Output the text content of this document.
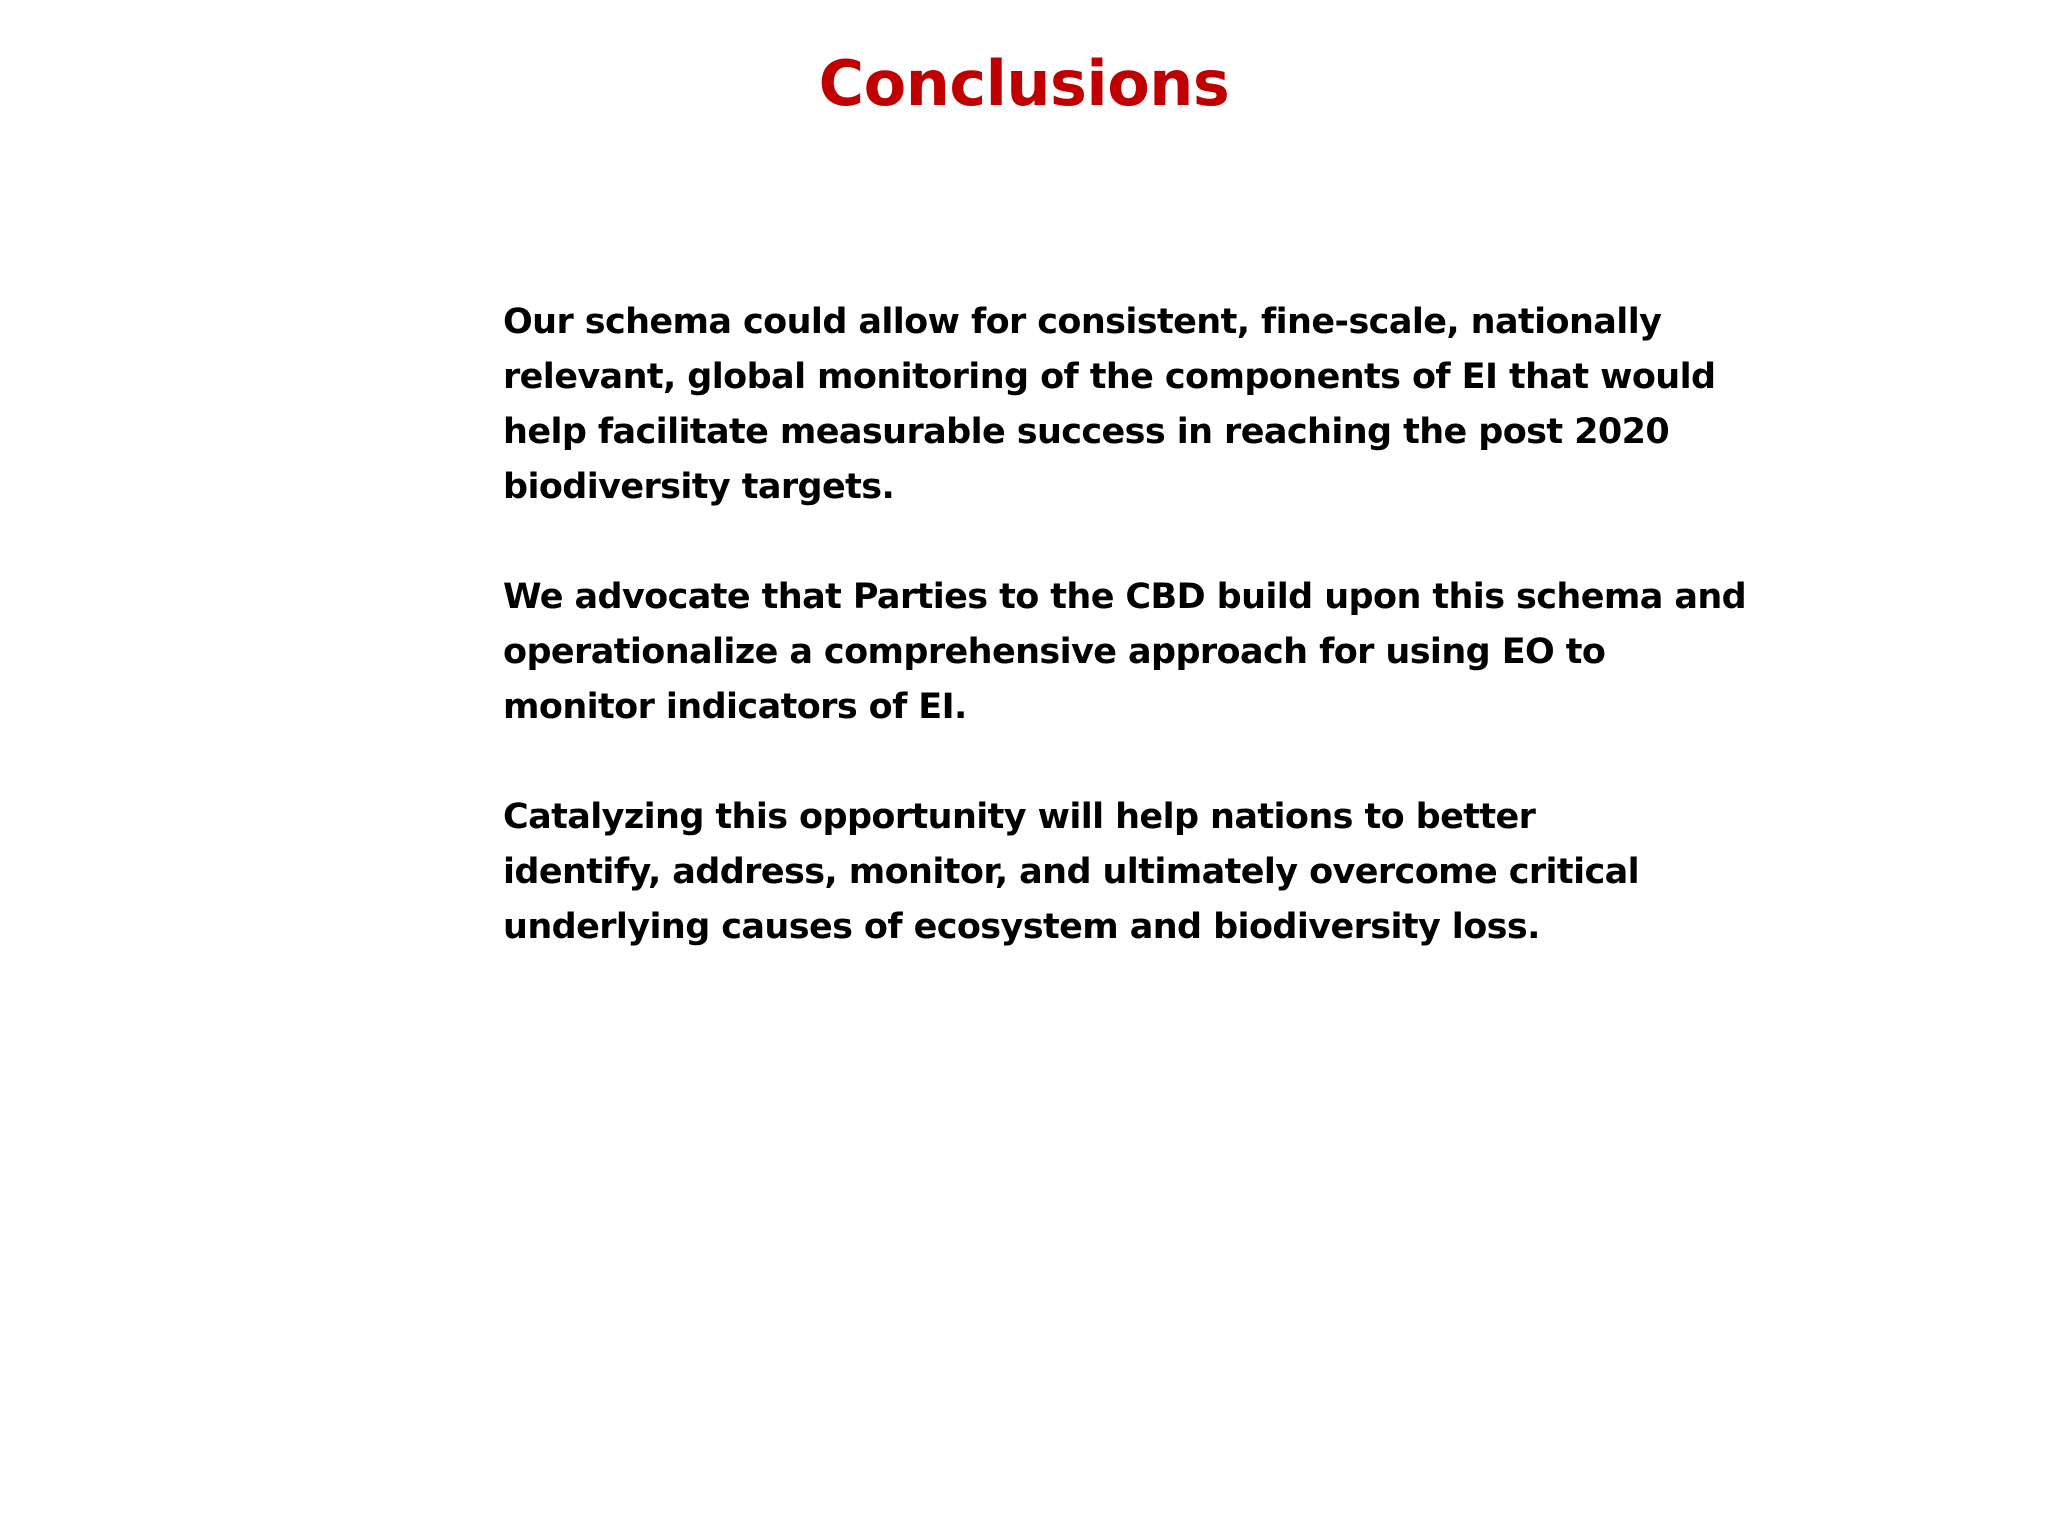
Conclusions
Our schema could allow for consistent, fine-scale, nationally
relevant, global monitoring of the components of EI that would
help facilitate measurable success in reaching the post 2020
biodiversity targets.
We advocate that Parties to the CBD build upon this schema and
operationalize a comprehensive approach for using EO to
monitor indicators of EI.
Catalyzing this opportunity will help nations to better
identify, address, monitor, and ultimately overcome critical
underlying causes of ecosystem and biodiversity loss.
